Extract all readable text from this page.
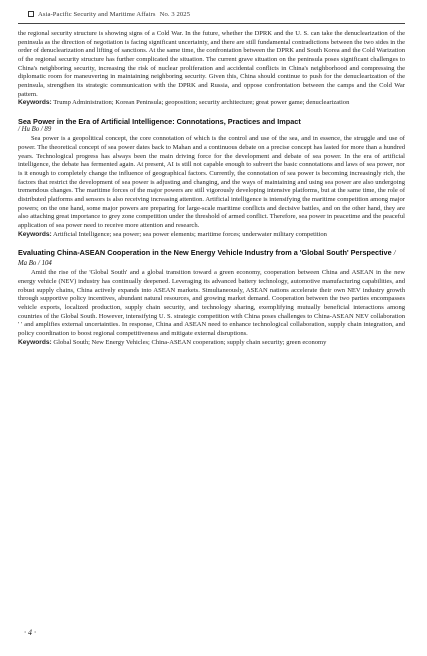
Asia-Pacific Security and Maritime Affairs No. 3 2025

the regional security structure is showing signs of a Cold War. In the future, whether the DPRK and the U. S. can take the denuclearization of the peninsula as the direction of negotiation is facing significant uncertainty, and there are still fundamental contradictions between the two sides in the order of denuclearization and lifting of sanctions. At the same time, the confrontation between the DPRK and South Korea and the Cold Warization of the regional security structure has further complicated the situation. The current grave situation on the peninsula poses significant challenges to China's neighboring security, increasing the risk of nuclear proliferation and accidental conflicts in China's neighborhood and compressing the diplomatic room for maneuvering in maintaining neighboring security. Given this, China should continue to push for the denuclearization of the peninsula, strengthen its strategic communication with the DPRK and Russia, and oppose confrontation between the camps and the Cold War pattern.

Keywords: Trump Administration; Korean Peninsula; geoposition; security architecture; great power game; denuclearization

Sea Power in the Era of Artificial Intelligence: Connotations, Practices and Impact

/ Hu Bo / 89

Sea power is a geopolitical concept, the core connotation of which is the control and use of the sea, and in essence, the struggle and use of power. The theoretical concept of sea power dates back to Mahan and a continuous debate on a precise concept has lasted for more than a hundred years. Technological progress has always been the main driving force for the development and debate of sea power. In the era of artificial intelligence, the debate has fermented again. At present, AI is still not capable enough to subvert the basic connotations and laws of sea power, nor is it enough to completely change the influence of geographical factors. Currently, the connotation of sea power is becoming increasingly rich, the factors that restrict the development of sea power is adjusting and changing, and the ways of maintaining and using sea power are also undergoing tremendous changes. The maritime forces of the major powers are still vigorously developing intensive platforms, but at the same time, the role of distributed platforms and sensors is also receiving increasing attention. Artificial intelligence is intensifying the maritime competition among major powers; on the one hand, some major powers are preparing for large-scale maritime conflicts and decisive battles, and on the other hand, they are also attaching great importance to grey zone competition under the threshold of armed conflict. Therefore, sea power in peacetime and the peaceful application of sea power need to receive more attention and research.

Keywords: Artificial Intelligence; sea power; sea power elements; maritime forces; underwater military competition

Evaluating China-ASEAN Cooperation in the New Energy Vehicle Industry from a 'Global South' Perspective / Ma Bo / 104

Amid the rise of the 'Global South' and a global transition toward a green economy, cooperation between China and ASEAN in the new energy vehicle (NEV) industry has continually deepened. Leveraging its advanced battery technology, automotive manufacturing capabilities, and robust supply chains, China actively expands into ASEAN markets. Simultaneously, ASEAN nations accelerate their own NEV industry growth through supportive policy incentives, abundant natural resources, and growing market demand. Cooperation between the two parties encompasses vehicle exports, localized production, supply chain security, and technology sharing, exemplifying mutually beneficial interactions among countries of the Global South. However, intensifying U. S. strategic competition with China poses challenges to China-ASEAN NEV collaboration ' ' and amplifies external uncertainties. In response, China and ASEAN need to enhance technological collaboration, supply chain integration, and policy coordination to boost regional competitiveness and mitigate external disruptions.

Keywords: Global South; New Energy Vehicles; China-ASEAN cooperation; supply chain security; green economy

· 4 ·
